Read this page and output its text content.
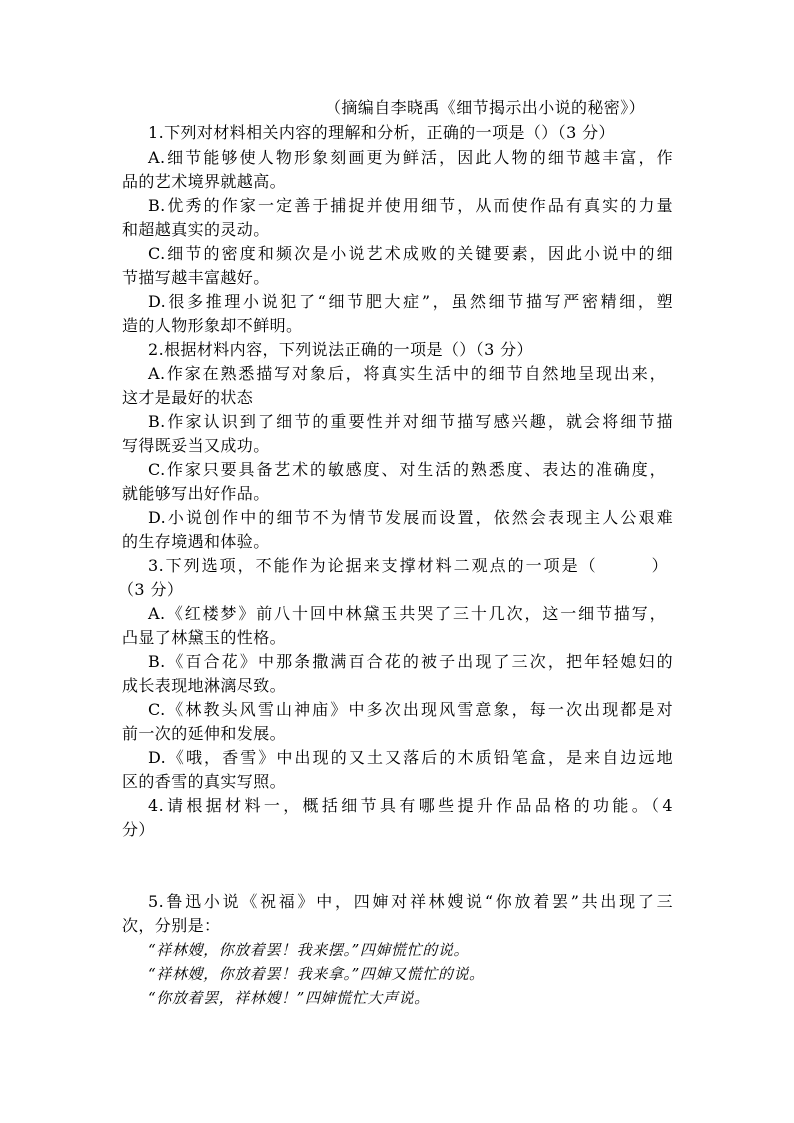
（摘编自李晓禹《细节揭示出小说的秘密》）
1.下列对材料相关内容的理解和分析，正确的一项是（）（3 分）
A.细节能够使人物形象刻画更为鲜活，因此人物的细节越丰富，作
品的艺术境界就越高。
B.优秀的作家一定善于捕捉并使用细节，从而使作品有真实的力量
和超越真实的灵动。
C.细节的密度和频次是小说艺术成败的关键要素，因此小说中的细
节描写越丰富越好。
D.很多推理小说犯了“细节肥大症”，虽然细节描写严密精细，塑
造的人物形象却不鲜明。
2.根据材料内容，下列说法正确的一项是（）（3 分）
A.作家在熟悉描写对象后，将真实生活中的细节自然地呈现出来，
这才是最好的状态
B.作家认识到了细节的重要性并对细节描写感兴趣，就会将细节描
写得既妥当又成功。
C.作家只要具备艺术的敏感度、对生活的熟悉度、表达的准确度，
就能够写出好作品。
D.小说创作中的细节不为情节发展而设置，依然会表现主人公艰难
的生存境遇和体验。
3.下列选项，不能作为论据来支撑材料二观点的一项是（　　　）
（3 分）
A.《红楼梦》前八十回中林黛玉共哭了三十几次，这一细节描写，
凸显了林黛玉的性格。
B.《百合花》中那条撒满百合花的被子出现了三次，把年轻媳妇的
成长表现地淋漓尽致。
C.《林教头风雪山神庙》中多次出现风雪意象，每一次出现都是对
前一次的延伸和发展。
D.《哦，香雪》中出现的又土又落后的木质铅笔盒，是来自边远地
区的香雪的真实写照。
4.请根据材料一，概括细节具有哪些提升作品品格的功能。（4
分）
5.鲁迅小说《祝福》中，四婶对祥林嫂说“你放着罢”共出现了三
次，分别是：
“祥林嫂，你放着罢！我来摆。”四婶慌忙的说。
“祥林嫂，你放着罢！我来拿。”四婶又慌忙的说。
“你放着罢，祥林嫂！”四婶慌忙大声说。
